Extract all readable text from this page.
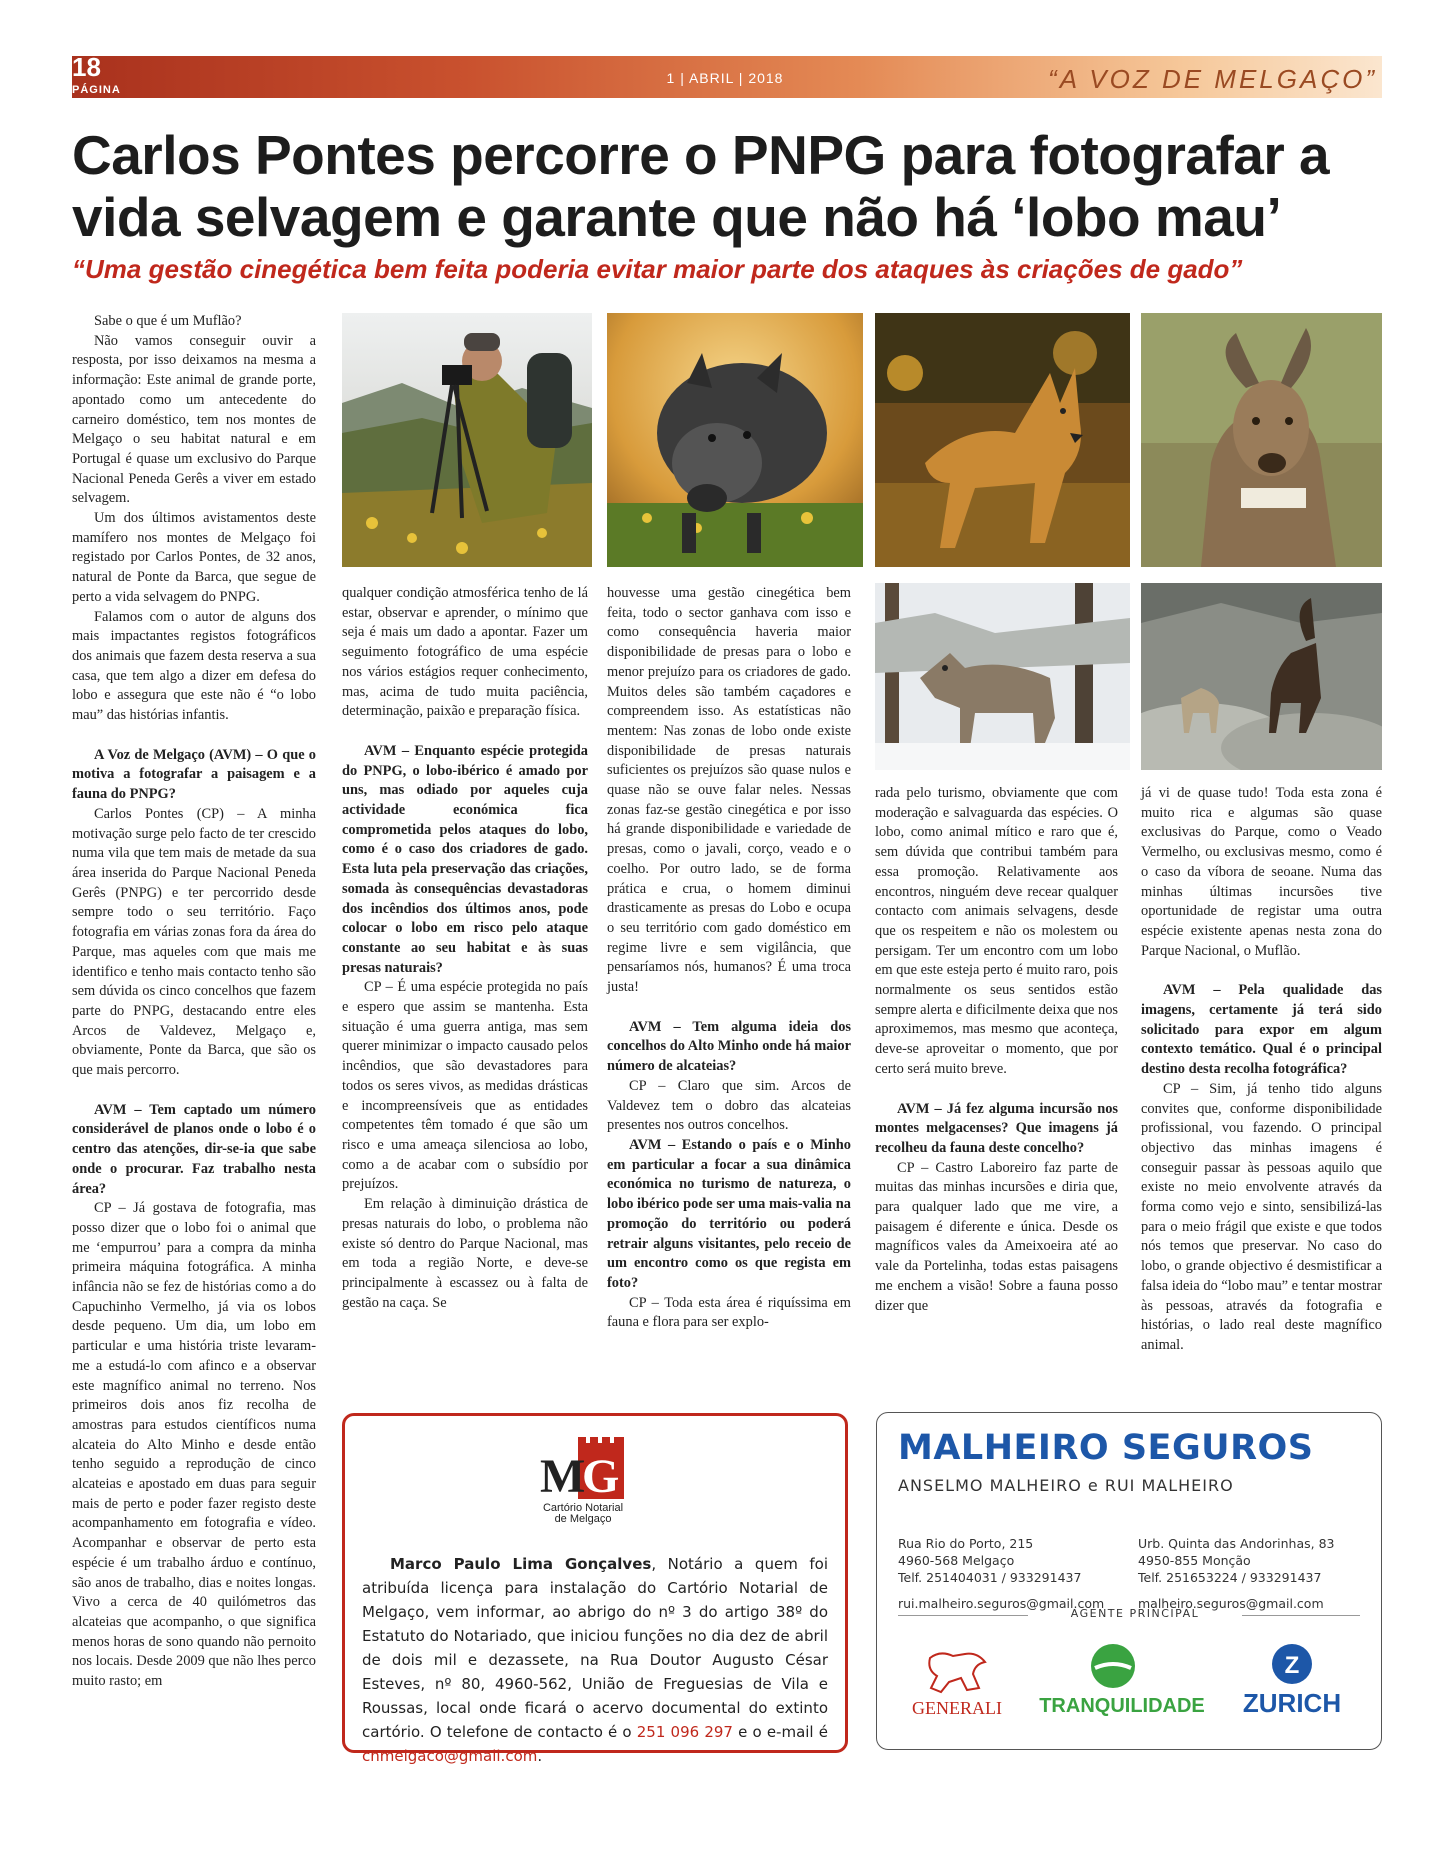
18
PÁGINA
1 | ABRIL | 2018	“A VOZ DE MELGAÇO”
Carlos Pontes percorre o PNPG para fotografar a vida selvagem e garante que não há ‘lobo mau’
“Uma gestão cinegética bem feita poderia evitar maior parte dos ataques às criações de gado”

Sabe o que é um Muflão?

Não vamos conseguir ouvir a resposta, por isso deixamos na mesma a informação: Este animal de grande porte, apontado como um antecedente do carneiro doméstico, tem nos montes de Melgaço o seu habitat natural e em Portugal é quase um exclusivo do Parque Nacional Peneda Gerês a viver em estado selvagem.

Um dos últimos avistamentos deste mamífero nos montes de Melgaço foi registado por Carlos Pontes, de 32 anos, natural de Ponte da Barca, que segue de perto a vida selvagem do PNPG.

Falamos com o autor de alguns dos mais impactantes registos fotográficos dos animais que fazem desta reserva a sua casa, que tem algo a dizer em defesa do lobo e assegura que este não é “o lobo mau” das histórias infantis.

A Voz de Melgaço (AVM) – O que o motiva a fotografar a paisagem e a fauna do PNPG?

Carlos Pontes (CP) – A minha motivação surge pelo facto de ter crescido numa vila que tem mais de metade da sua área inserida do Parque Nacional Peneda Gerês (PNPG) e ter percorrido desde sempre todo o seu território. Faço fotografia em várias zonas fora da área do Parque, mas aqueles com que mais me identifico e tenho mais contacto tenho são sem dúvida os cinco concelhos que fazem parte do PNPG, destacando entre eles Arcos de Valdevez, Melgaço e, obviamente, Ponte da Barca, que são os que mais percorro.

AVM – Tem captado um número considerável de planos onde o lobo é o centro das atenções, dir-se-ia que sabe onde o procurar. Faz trabalho nesta área?

CP – Já gostava de fotografia, mas posso dizer que o lobo foi o animal que me ‘empurrou’ para a compra da minha primeira máquina fotográfica. A minha infância não se fez de histórias como a do Capuchinho Vermelho, já via os lobos desde pequeno. Um dia, um lobo em particular e uma história triste levaram-me a estudá-lo com afinco e a observar este magnífico animal no terreno. Nos primeiros dois anos fiz recolha de amostras para estudos científicos numa alcateia do Alto Minho e desde então tenho seguido a reprodução de cinco alcateias e apostado em duas para seguir mais de perto e poder fazer registo deste acompanhamento em fotografia e vídeo. Acompanhar e observar de perto esta espécie é um trabalho árduo e contínuo, são anos de trabalho, dias e noites longas. Vivo a cerca de 40 quilómetros das alcateias que acompanho, o que significa menos horas de sono quando não pernoito nos locais. Desde 2009 que não lhes perco muito rasto; em

qualquer condição atmosférica tenho de lá estar, observar e aprender, o mínimo que seja é mais um dado a apontar. Fazer um seguimento fotográfico de uma espécie nos vários estágios requer conhecimento, mas, acima de tudo muita paciência, determinação, paixão e preparação física.

AVM – Enquanto espécie protegida do PNPG, o lobo-ibérico é amado por uns, mas odiado por aqueles cuja actividade económica fica comprometida pelos ataques do lobo, como é o caso dos criadores de gado. Esta luta pela preservação das criações, somada às consequências devastadoras dos incêndios dos últimos anos, pode colocar o lobo em risco pelo ataque constante ao seu habitat e às suas presas naturais?

CP – É uma espécie protegida no país e espero que assim se mantenha. Esta situação é uma guerra antiga, mas sem querer minimizar o impacto causado pelos incêndios, que são devastadores para todos os seres vivos, as medidas drásticas e incompreensíveis que as entidades competentes têm tomado é que são um risco e uma ameaça silenciosa ao lobo, como a de acabar com o subsídio por prejuízos.

Em relação à diminuição drástica de presas naturais do lobo, o problema não existe só dentro do Parque Nacional, mas em toda a região Norte, e deve-se principalmente à escassez ou à falta de gestão na caça. Se

houvesse uma gestão cinegética bem feita, todo o sector ganhava com isso e como consequência haveria maior disponibilidade de presas para o lobo e menor prejuízo para os criadores de gado. Muitos deles são também caçadores e compreendem isso. As estatísticas não mentem: Nas zonas de lobo onde existe disponibilidade de presas naturais suficientes os prejuízos são quase nulos e quase não se ouve falar neles. Nessas zonas faz-se gestão cinegética e por isso há grande disponibilidade e variedade de presas, como o javali, corço, veado e o coelho. Por outro lado, se de forma prática e crua, o homem diminui drasticamente as presas do Lobo e ocupa o seu território com gado doméstico em regime livre e sem vigilância, que pensaríamos nós, humanos? É uma troca justa!

AVM – Tem alguma ideia dos concelhos do Alto Minho onde há maior número de alcateias?

CP – Claro que sim. Arcos de Valdevez tem o dobro das alcateias presentes nos outros concelhos.

AVM – Estando o país e o Minho em particular a focar a sua dinâmica económica no turismo de natureza, o lobo ibérico pode ser uma mais-valia na promoção do território ou poderá retrair alguns visitantes, pelo receio de um encontro como os que regista em foto?

CP – Toda esta área é riquíssima em fauna e flora para ser explo-

rada pelo turismo, obviamente que com moderação e salvaguarda das espécies. O lobo, como animal mítico e raro que é, sem dúvida que contribui também para essa promoção. Relativamente aos encontros, ninguém deve recear qualquer contacto com animais selvagens, desde que os respeitem e não os molestem ou persigam. Ter um encontro com um lobo em que este esteja perto é muito raro, pois normalmente os seus sentidos estão sempre alerta e dificilmente deixa que nos aproximemos, mas mesmo que aconteça, deve-se aproveitar o momento, que por certo será muito breve.

AVM – Já fez alguma incursão nos montes melgacenses? Que imagens já recolheu da fauna deste concelho?

CP – Castro Laboreiro faz parte de muitas das minhas incursões e diria que, para qualquer lado que me vire, a paisagem é diferente e única. Desde os magníficos vales da Ameixoeira até ao vale da Portelinha, todas estas paisagens me enchem a visão! Sobre a fauna posso dizer que

já vi de quase tudo! Toda esta zona é muito rica e algumas são quase exclusivas do Parque, como o Veado Vermelho, ou exclusivas mesmo, como é o caso da víbora de seoane. Numa das minhas últimas incursões tive oportunidade de registar uma outra espécie existente apenas nesta zona do Parque Nacional, o Muflão.

AVM – Pela qualidade das imagens, certamente já terá sido solicitado para expor em algum contexto temático. Qual é o principal destino desta recolha fotográfica?

CP – Sim, já tenho tido alguns convites que, conforme disponibilidade profissional, vou fazendo. O principal objectivo das minhas imagens é conseguir passar às pessoas aquilo que existe no meio envolvente através da forma como vejo e sinto, sensibilizá-las para o meio frágil que existe e que todos nós temos que preservar. No caso do lobo, o grande objectivo é desmistificar a falsa ideia do “lobo mau” e tentar mostrar às pessoas, através da fotografia e histórias, o lado real deste magnífico animal.

M
G
Cartório Notarial
de Melgaço
Marco Paulo Lima Gonçalves, Notário a quem foi atribuída licença para instalação do Cartório Notarial de Melgaço, vem informar, ao abrigo do nº 3 do artigo 38º do Estatuto do Notariado, que iniciou funções no dia dez de abril de dois mil e dezassete, na Rua Doutor Augusto César Esteves, nº 80, 4960-562, União de Freguesias de Vila e Roussas, local onde ficará o acervo documental do extinto cartório. O telefone de contacto é o 251 096 297 e o e-mail é cnmelgaco@gmail.com.
MALHEIRO SEGUROS
ANSELMO MALHEIRO e RUI MALHEIRO
Rua Rio do Porto, 215
4960-568 Melgaço
Telf. 251404031 / 933291437
rui.malheiro.seguros@gmail.com
Urb. Quinta das Andorinhas, 83
4950-855 Monção
Telf. 251653224 / 933291437
malheiro.seguros@gmail.com
AGENTE PRINCIPAL
GENERALI TRANQUILIDADE
Z
ZURICH
